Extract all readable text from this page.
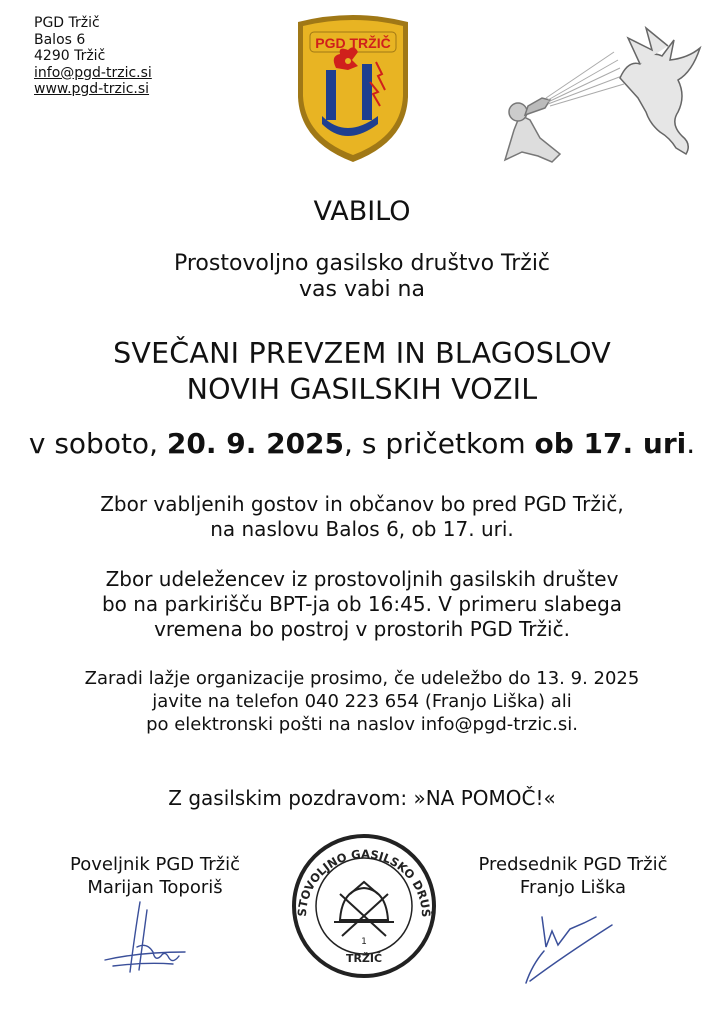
PGD Tržič
Balos 6
4290 Tržič
info@pgd-trzic.si
www.pgd-trzic.si
PGD TRŽIČ
VABILO
Prostovoljno gasilsko društvo Tržič
vas vabi na
SVEČANI PREVZEM IN BLAGOSLOV
NOVIH GASILSKIH VOZIL
v soboto, 20. 9. 2025, s pričetkom ob 17. uri.
Zbor vabljenih gostov in občanov bo pred PGD Tržič,
na naslovu Balos 6, ob 17. uri.
Zbor udeležencev iz prostovoljnih gasilskih društev
bo na parkirišču BPT-ja ob 16:45. V primeru slabega
vremena bo postroj v prostorih PGD Tržič.
Zaradi lažje organizacije prosimo, če udeležbo do 13. 9. 2025
javite na telefon 040 223 654 (Franjo Liška) ali
po elektronski pošti na naslov info@pgd-trzic.si.
Z gasilskim pozdravom: »NA POMOČ!«
Poveljnik PGD Tržič
Marijan Toporiš
Predsednik PGD Tržič
Franjo Liška
PROSTOVOLJNO GASILSKO DRUŠTVO
TRŽIČ
1
